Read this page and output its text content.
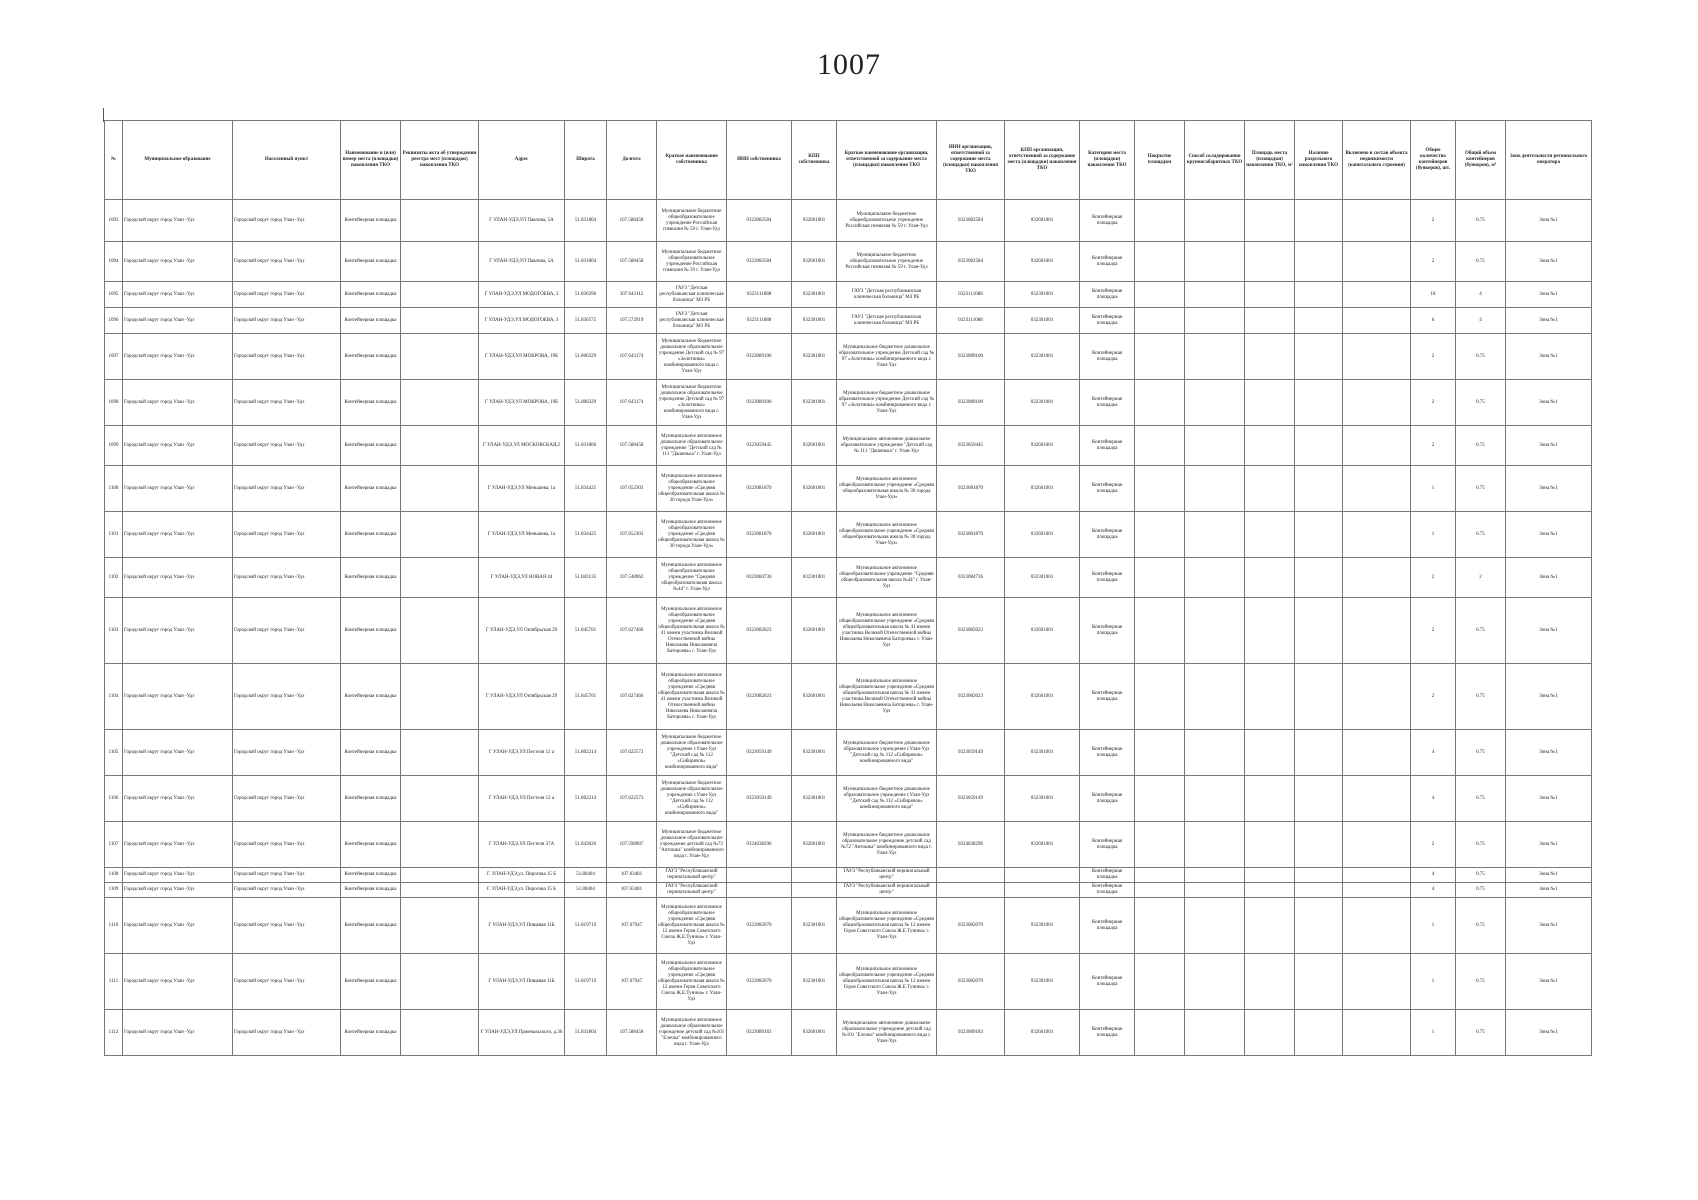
1007
№	Муниципальное образование	Населенный пункт	Наименование и (или) номер места (площадки) накопления ТКО	Реквизиты акта об утверждении реестра мест (площадок) накопления ТКО	Адрес	Широта	Долгота	Краткое наименование собственника	ИНН собственника	КПП собственника	Краткое наименование организации, ответственной за содержание места (площадки) накопления ТКО	ИНН организации, ответственной за содержание места (площадки) накопления ТКО	КПП организации, ответственной за содержание места (площадки) накопления ТКО	Категория места (площадки) накопления ТКО	Покрытие площадки	Способ складирования крупногабаритных ТКО	Площадь места (площадки) накопления ТКО, м²	Наличие раздельного накопления ТКО	Включено в состав объекта недвижимости (капитального строения)	Общее количество контейнеров (бункеров), шт.	Общий объем контейнеров (бункеров), м³	Зона деятельности регионального оператора
1093	Городской округ город Улан -Удэ	Городской округ город Улан -Удэ	Контейнерная площадка		Г УЛАН-УДЭ,УЛ Павлова, 5А	51.831804	107.588458	Муниципальное бюджетное общеобразовательное учреждение Российская гимназия № 59 г. Улан-Удэ	0323082584	032601001	Муниципальное бюджетное общеобразовательное учреждение Российская гимназия № 59 г. Улан-Удэ	0323082584	032601001	Контейнерная площадка						2	0.75	Зона №1
1094	Городской округ город Улан -Удэ	Городской округ город Улан -Удэ	Контейнерная площадка		Г УЛАН-УДЭ,УЛ Павлова, 5А	51.831804	107.588458	Муниципальное бюджетное общеобразовательное учреждение Российская гимназия № 59 г. Улан-Удэ	0323082584	032601001	Муниципальное бюджетное общеобразовательное учреждение Российская гимназия № 59 г. Улан-Удэ	0323082584	032601001	Контейнерная площадка						2	0.75	Зона №1
1095	Городской округ город Улан -Удэ	Городской округ город Улан -Удэ	Контейнерная площадка		Г УЛАН-УДЭ,УЛ МОДОГОЕВА, 3	51.836396	107.643112	ГАУЗ "Детская республиканская клиническая больница" МЗ РБ	0323111088	032301001	ГАУЗ "Детская республиканская клиническая больница" МЗ РБ	0323111088	032301001	Контейнерная площадка						18	4	Зона №1
1096	Городской округ город Улан -Удэ	Городской округ город Улан -Удэ	Контейнерная площадка		Г УЛАН-УДЭ,УЛ МОДОГОЕВА, 3	51.836575	107.572919	ГАУЗ "Детская республиканская клиническая больница" МЗ РБ	0323111088	032301001	ГАУЗ "Детская республиканская клиническая больница" МЗ РБ	0323111088	032301001	Контейнерная площадка						6	4	Зона №1
1097	Городской округ город Улан -Удэ	Городской округ город Улан -Удэ	Контейнерная площадка		Г УЛАН-УДЭ,УЛ МОКРОВА, 19Б	51.806329	107.643174	Муниципальное бюджетное дошкольное образовательное учреждение Детский сад № 97 «Золотинка» комбинированного вида г. Улан-Удэ	0323089100	032301001	Муниципальное бюджетное дошкольное образовательное учреждение Детский сад № 97 «Золотинка» комбинированного вида г. Улан-Удэ	0323089100	032301001	Контейнерная площадка						2	0.75	Зона №1
1098	Городской округ город Улан -Удэ	Городской округ город Улан -Удэ	Контейнерная площадка		Г УЛАН-УДЭ,УЛ МОКРОВА, 19Б	51.806329	107.643174	Муниципальное бюджетное дошкольное образовательное учреждение Детский сад № 97 «Золотинка» комбинированного вида г. Улан-Удэ	0323089100	032301001	Муниципальное бюджетное дошкольное образовательное учреждение Детский сад № 97 «Золотинка» комбинированного вида г. Улан-Удэ	0323089100	032301001	Контейнерная площадка						2	0.75	Зона №1
1099	Городской округ город Улан -Удэ	Городской округ город Улан -Удэ	Контейнерная площадка		Г УЛАН-УДЭ,УЛ МОСКОВСКАЯ,2	51.831806	107.588458	Муниципальное автономное дошкольное образовательное учреждение "Детский сад № 111 "Дашенька" г. Улан-Удэ	0323059445	032601001	Муниципальное автономное дошкольное образовательное учреждение "Детский сад № 111 "Дашенька" г. Улан-Удэ	0323059445	032601001	Контейнерная площадка						2	0.75	Зона №1
1100	Городской округ город Улан -Удэ	Городской округ город Улан -Удэ	Контейнерная площадка		Г УЛАН-УДЭ,УЛ Меньшева, 1а	51.834425	107.652303	Муниципальное автономное общеобразовательное учреждение «Средняя общеобразовательная школа № 30 города Улан-Удэ»	0323081870	032601001	Муниципальное автономное общеобразовательное учреждение «Средняя общеобразовательная школа № 30 города Улан-Удэ»	0323081870	032601001	Контейнерная площадка						1	0.75	Зона №1
1101	Городской округ город Улан -Удэ	Городской округ город Улан -Удэ	Контейнерная площадка		Г УЛАН-УДЭ,УЛ Меньшева, 1а	51.834425	107.652303	Муниципальное автономное общеобразовательное учреждение «Средняя общеобразовательная школа № 30 города Улан-Удэ»	0323081870	032601001	Муниципальное автономное общеобразовательное учреждение «Средняя общеобразовательная школа № 30 города Улан-Удэ»	0323081870	032601001	Контейнерная площадка						1	0.75	Зона №1
1102	Городской округ город Улан -Удэ	Городской округ город Улан -Удэ	Контейнерная площадка		Г УЛАН-УДЭ,УЛ НОВАЯ 44	51.843135	107.548962	Муниципальное автономное общеобразовательное учреждение "Средняя общеобразовательная школа №44" г. Улан-Удэ	0323084736	032301001	Муниципальное автономное общеобразовательное учреждение "Средняя общеобразовательная школа №44" г. Улан-Удэ	0323084736	032301001	Контейнерная площадка						2	2	Зона №1
1103	Городской округ город Улан -Удэ	Городской округ город Улан -Удэ	Контейнерная площадка		Г УЛАН-УДЭ,УЛ Октябрьская 29	51.845761	107.627466	Муниципальное автономное общеобразовательное учреждение «Средняя общеобразовательная школа № 41 имени участника Великой Отечественной войны Николаева Николаевича Батороева» г. Улан-Удэ	0323082023	032601001	Муниципальное автономное общеобразовательное учреждение «Средняя общеобразовательная школа № 41 имени участника Великой Отечественной войны Николаева Николаевича Батороева» г. Улан-Удэ	0323082023	032601001	Контейнерная площадка						2	0.75	Зона №1
1104	Городской округ город Улан -Удэ	Городской округ город Улан -Удэ	Контейнерная площадка		Г УЛАН-УДЭ,УЛ Октябрьская 29	51.845761	107.627466	Муниципальное автономное общеобразовательное учреждение «Средняя общеобразовательная школа № 41 имени участника Великой Отечественной войны Николаева Николаевича Батороева» г. Улан-Удэ	0323082023	032601001	Муниципальное автономное общеобразовательное учреждение «Средняя общеобразовательная школа № 41 имени участника Великой Отечественной войны Николаева Николаевича Батороева» г. Улан-Удэ	0323082023	032601001	Контейнерная площадка						2	0.75	Зона №1
1105	Городской округ город Улан -Удэ	Городской округ город Улан -Удэ	Контейнерная площадка		Г УЛАН-УДЭ,УЛ Пестеля 12 а	51.802214	107.622573	Муниципальное бюджетное дошкольное образовательное учреждение г.Улан-Удэ "Детский сад № 112 «Сибирячок» комбинированного вида"	0323059149	032301001	Муниципальное бюджетное дошкольное образовательное учреждение г.Улан-Удэ "Детский сад № 112 «Сибирячок» комбинированного вида"	0323059149	032301001	Контейнерная площадка						4	0.75	Зона №1
1106	Городской округ город Улан -Удэ	Городской округ город Улан -Удэ	Контейнерная площадка		Г УЛАН-УДЭ,УЛ Пестеля 12 а	51.802214	107.622573	Муниципальное бюджетное дошкольное образовательное учреждение г.Улан-Удэ "Детский сад № 112 «Сибирячок» комбинированного вида"	0323059149	032301001	Муниципальное бюджетное дошкольное образовательное учреждение г.Улан-Удэ "Детский сад № 112 «Сибирячок» комбинированного вида"	0323059149	032301001	Контейнерная площадка						4	0.75	Зона №1
1107	Городской округ город Улан -Удэ	Городской округ город Улан -Удэ	Контейнерная площадка		Г УЛАН-УДЭ,УЛ Пестеля 37А	51.843020	107.598907	Муниципальное бюджетное дошкольное образовательное учреждение детский сад №72 "Антошка" комбинированного вида г. Улан-Удэ	0324038296	032601001	Муниципальное бюджетное дошкольное образовательное учреждение детский сад №72 "Антошка" комбинированного вида г. Улан-Удэ	0324038296	032601001	Контейнерная площадка						2	0.75	Зона №1
1108	Городской округ город Улан -Удэ	Городской округ город Улан -Удэ	Контейнерная площадка		Г. УЛАН-УДЭ,ул. Пирогова 15 Б	51.80404	107.63481	ГАУЗ "Республиканский перинатальный центр"			ГАУЗ "Республиканский перинатальный центр"			Контейнерная площадка						4	0.75	Зона №1
1109	Городской округ город Улан -Удэ	Городской округ город Улан -Удэ	Контейнерная площадка		Г. УЛАН-УДЭ,ул. Пирогова 15 Б	51.80404	107.63481	ГАУЗ "Республиканский перинатальный центр"			ГАУЗ "Республиканский перинатальный центр"			Контейнерная площадка						4	0.75	Зона №1
1110	Городской округ город Улан -Удэ	Городской округ город Улан -Удэ	Контейнерная площадка		Г УЛАН-УДЭ,УЛ Пищевая 11Б	51.819719	107.67947	Муниципальное автономное общеобразовательное учреждение «Средняя общеобразовательная школа № 12 имени Героя Советского Союза Ж.Е.Тунина» г. Улан-Удэ	0323082070	032301001	Муниципальное автономное общеобразовательное учреждение «Средняя общеобразовательная школа № 12 имени Героя Советского Союза Ж.Е.Тунина» г. Улан-Удэ	0323082070	032301001	Контейнерная площадка						1	0.75	Зона №1
1111	Городской округ город Улан -Удэ	Городской округ город Улан -Удэ	Контейнерная площадка		Г УЛАН-УДЭ,УЛ Пищевая 11Б	51.819719	107.67947	Муниципальное автономное общеобразовательное учреждение «Средняя общеобразовательная школа № 12 имени Героя Советского Союза Ж.Е.Тунина» г. Улан-Удэ	0323082070	032301001	Муниципальное автономное общеобразовательное учреждение «Средняя общеобразовательная школа № 12 имени Героя Советского Союза Ж.Е.Тунина» г. Улан-Удэ	0323082070	032301001	Контейнерная площадка						1	0.75	Зона №1
1112	Городской округ город Улан -Удэ	Городской округ город Улан -Удэ	Контейнерная площадка		Г УЛАН-УДЭ,УЛ Пржевальского, д.36	51.831804	107.588458	Муниципальное автономное дошкольное образовательное учреждение детский сад №101 "Елочка" комбинированного вида г. Улан-Удэ	0323089183	032601001	Муниципальное автономное дошкольное образовательное учреждение детский сад №101 "Елочка" комбинированного вида г. Улан-Удэ	0323089183	032601001	Контейнерная площадка						1	0.75	Зона №1
